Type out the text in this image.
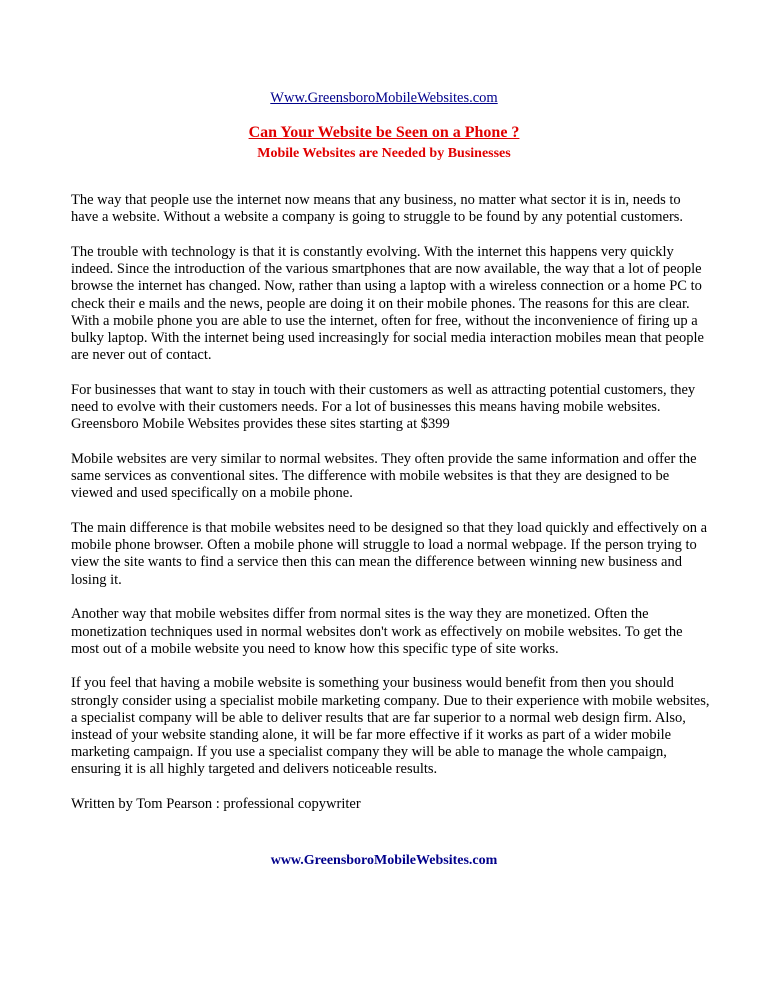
Www.GreensboroMobileWebsites.com
Can Your Website be Seen on a Phone ?
Mobile Websites are Needed by Businesses

The way that people use the internet now means that any business, no matter what sector it is in, needs to have a website. Without a website a company is going to struggle to be found by any potential customers.

The trouble with technology is that it is constantly evolving. With the internet this happens very quickly indeed. Since the introduction of the various smartphones that are now available, the way that a lot of people browse the internet has changed. Now, rather than using a laptop with a wireless connection or a home PC to check their e mails and the news, people are doing it on their mobile phones. The reasons for this are clear. With a mobile phone you are able to use the internet, often for free, without the inconvenience of firing up a bulky laptop. With the internet being used increasingly for social media interaction mobiles mean that people are never out of contact.

For businesses that want to stay in touch with their customers as well as attracting potential customers, they need to evolve with their customers needs. For a lot of businesses this means having mobile websites. Greensboro Mobile Websites provides these sites starting at $399

Mobile websites are very similar to normal websites. They often provide the same information and offer the same services as conventional sites. The difference with mobile websites is that they are designed to be viewed and used specifically on a mobile phone.

The main difference is that mobile websites need to be designed so that they load quickly and effectively on a mobile phone browser. Often a mobile phone will struggle to load a normal webpage. If the person trying to view the site wants to find a service then this can mean the difference between winning new business and losing it.

Another way that mobile websites differ from normal sites is the way they are monetized. Often the monetization techniques used in normal websites don't work as effectively on mobile websites. To get the most out of a mobile website you need to know how this specific type of site works.

If you feel that having a mobile website is something your business would benefit from then you should strongly consider using a specialist mobile marketing company. Due to their experience with mobile websites, a specialist company will be able to deliver results that are far superior to a normal web design firm. Also, instead of your website standing alone, it will be far more effective if it works as part of a wider mobile marketing campaign. If you use a specialist company they will be able to manage the whole campaign, ensuring it is all highly targeted and delivers noticeable results.

Written by Tom Pearson : professional copywriter

www.GreensboroMobileWebsites.com
